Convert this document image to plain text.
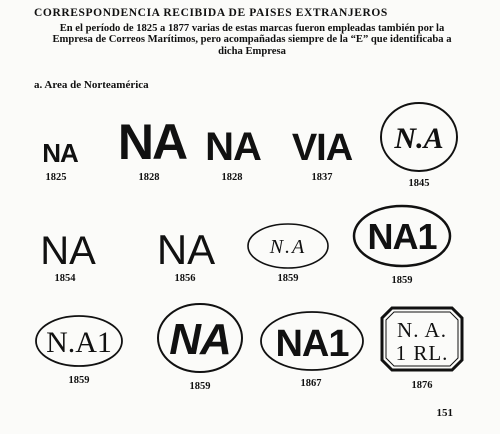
CORRESPONDENCIA RECIBIDA DE PAISES EXTRANJEROS
En el período de 1825 a 1877 varias de estas marcas fueron empleadas también por la
Empresa de Correos Marítimos, pero acompañadas siempre de la “E” que identificaba a
dicha Empresa
a. Area de Norteamérica
NA
1825
NA
1828
NA
1828
VIA
1837
N.A
1845
NA
1854
NA
1856
N.A
1859
NA1
1859
N.A1
1859
NA
1859
NA1
1867
N. A.
1 RL.
1876
151
